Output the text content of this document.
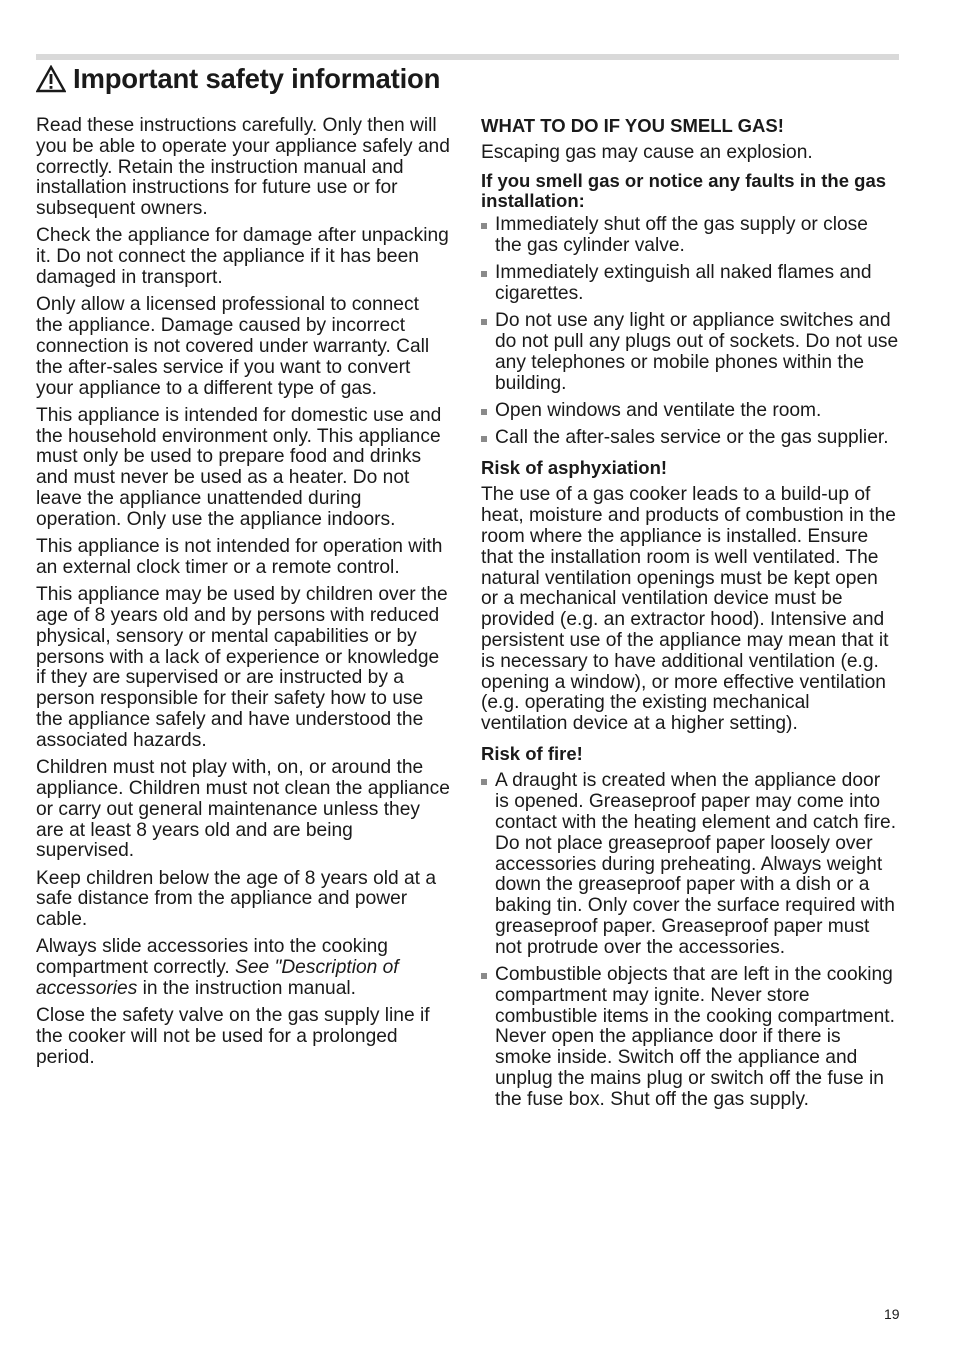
Important safety information

Read these instructions carefully. Only then will you be able to operate your appliance safely and correctly. Retain the instruction manual and installation instructions for future use or for subsequent owners.

Check the appliance for damage after unpacking it. Do not connect the appliance if it has been damaged in transport.

Only allow a licensed professional to connect the appliance. Damage caused by incorrect connection is not covered under warranty. Call the after-sales service if you want to convert your appliance to a different type of gas.

This appliance is intended for domestic use and the household environment only. This appliance must only be used to prepare food and drinks and must never be used as a heater. Do not leave the appliance unattended during operation. Only use the appliance indoors.

This appliance is not intended for operation with an external clock timer or a remote control.

This appliance may be used by children over the age of 8 years old and by persons with reduced physical, sensory or mental capabilities or by persons with a lack of experience or knowledge if they are supervised or are instructed by a person responsible for their safety how to use the appliance safely and have understood the associated hazards.

Children must not play with, on, or around the appliance. Children must not clean the appliance or carry out general maintenance unless they are at least 8 years old and are being supervised.

Keep children below the age of 8 years old at a safe distance from the appliance and power cable.

Always slide accessories into the cooking compartment correctly. See "Description of accessories in the instruction manual.

Close the safety valve on the gas supply line if the cooker will not be used for a prolonged period.

WHAT TO DO IF YOU SMELL GAS!

Escaping gas may cause an explosion.

If you smell gas or notice any faults in the gas installation:
Immediately shut off the gas supply or close the gas cylinder valve.
Immediately extinguish all naked flames and cigarettes.
Do not use any light or appliance switches and do not pull any plugs out of sockets. Do not use any telephones or mobile phones within the building.
Open windows and ventilate the room.
Call the after-sales service or the gas supplier.
Risk of asphyxiation!

The use of a gas cooker leads to a build-up of heat, moisture and products of combustion in the room where the appliance is installed. Ensure that the installation room is well ventilated. The natural ventilation openings must be kept open or a mechanical ventilation device must be provided (e.g. an extractor hood). Intensive and persistent use of the appliance may mean that it is necessary to have additional ventilation (e.g. opening a window), or more effective ventilation (e.g. operating the existing mechanical ventilation device at a higher setting).

Risk of fire!
A draught is created when the appliance door is opened. Greaseproof paper may come into contact with the heating element and catch fire. Do not place greaseproof paper loosely over accessories during preheating. Always weight down the greaseproof paper with a dish or a baking tin. Only cover the surface required with greaseproof paper. Greaseproof paper must not protrude over the accessories.
Combustible objects that are left in the cooking compartment may ignite. Never store combustible items in the cooking compartment. Never open the appliance door if there is smoke inside. Switch off the appliance and unplug the mains plug or switch off the fuse in the fuse box. Shut off the gas supply.
19
